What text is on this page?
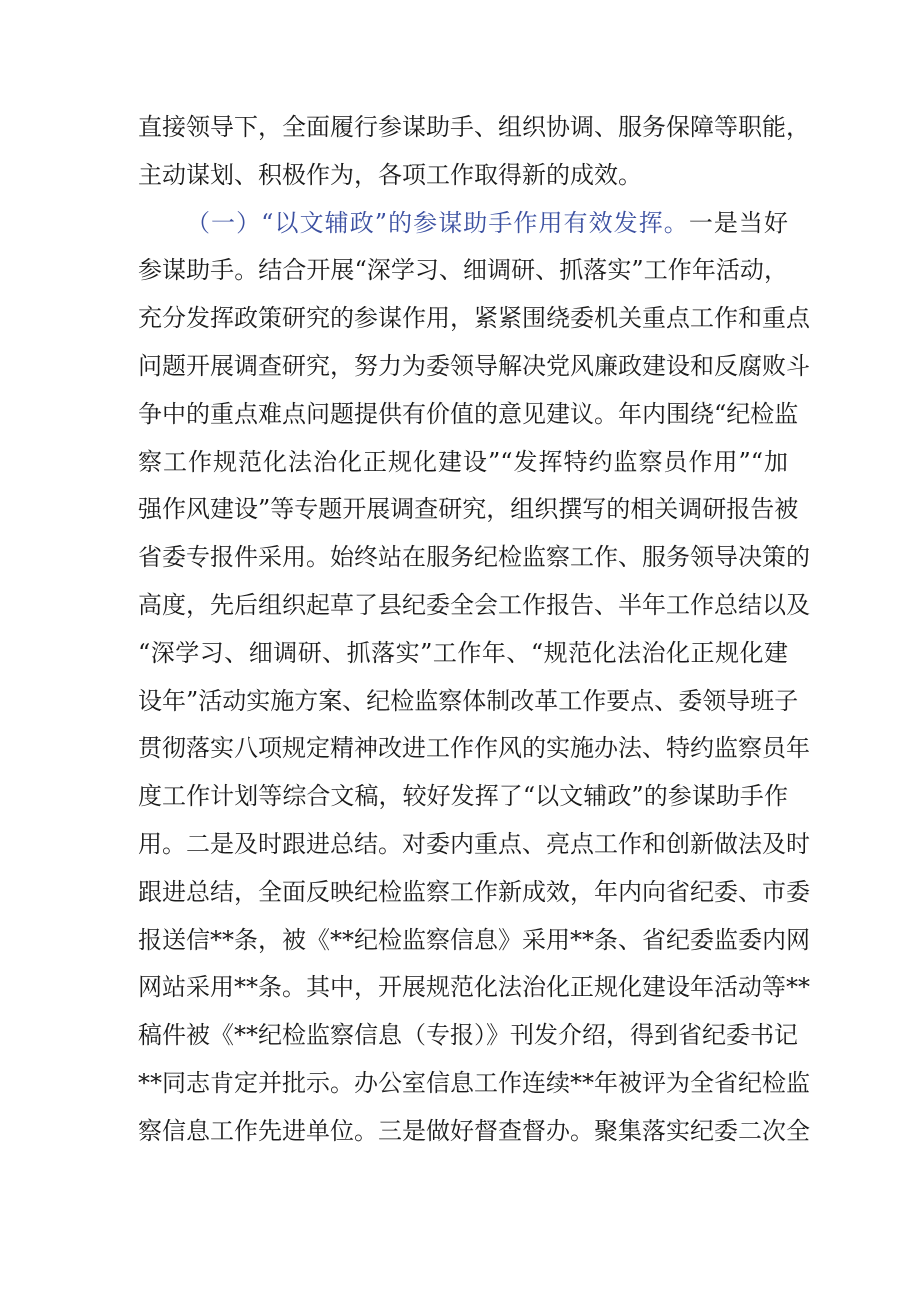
直接领导下，全面履行参谋助手、组织协调、服务保障等职能，
主动谋划、积极作为，各项工作取得新的成效。
（一）“以文辅政”的参谋助手作用有效发挥。一是当好
参谋助手。结合开展“深学习、细调研、抓落实”工作年活动，
充分发挥政策研究的参谋作用，紧紧围绕委机关重点工作和重点
问题开展调查研究，努力为委领导解决党风廉政建设和反腐败斗
争中的重点难点问题提供有价值的意见建议。年内围绕“纪检监
察工作规范化法治化正规化建设”“发挥特约监察员作用”“加
强作风建设”等专题开展调查研究，组织撰写的相关调研报告被
省委专报件采用。始终站在服务纪检监察工作、服务领导决策的
高度，先后组织起草了县纪委全会工作报告、半年工作总结以及
“深学习、细调研、抓落实”工作年、“规范化法治化正规化建
设年”活动实施方案、纪检监察体制改革工作要点、委领导班子
贯彻落实八项规定精神改进工作作风的实施办法、特约监察员年
度工作计划等综合文稿，较好发挥了“以文辅政”的参谋助手作
用。二是及时跟进总结。对委内重点、亮点工作和创新做法及时
跟进总结，全面反映纪检监察工作新成效，年内向省纪委、市委
报送信**条，被《**纪检监察信息》采用**条、省纪委监委内网
网站采用**条。其中，开展规范化法治化正规化建设年活动等**
稿件被《**纪检监察信息（专报）》刊发介绍，得到省纪委书记
**同志肯定并批示。办公室信息工作连续**年被评为全省纪检监
察信息工作先进单位。三是做好督查督办。聚集落实纪委二次全
